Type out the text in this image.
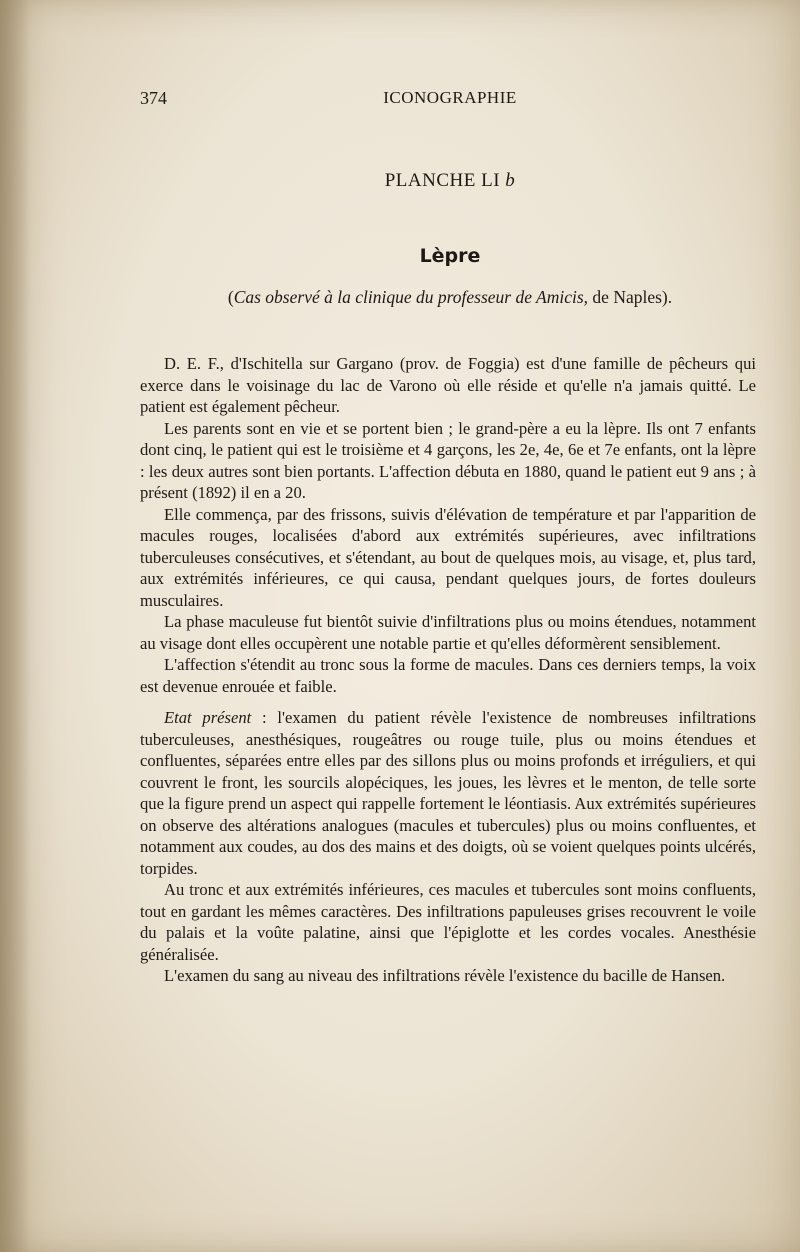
374	ICONOGRAPHIE
PLANCHE LI b
Lèpre
(Cas observé à la clinique du professeur de Amicis, de Naples).

D. E. F., d'Ischitella sur Gargano (prov. de Foggia) est d'une famille de pêcheurs qui exerce dans le voisinage du lac de Varono où elle réside et qu'elle n'a jamais quitté. Le patient est également pêcheur.

Les parents sont en vie et se portent bien ; le grand-père a eu la lèpre. Ils ont 7 enfants dont cinq, le patient qui est le troisième et 4 garçons, les 2e, 4e, 6e et 7e enfants, ont la lèpre : les deux autres sont bien portants. L'affection débuta en 1880, quand le patient eut 9 ans ; à présent (1892) il en a 20.

Elle commença, par des frissons, suivis d'élévation de température et par l'apparition de macules rouges, localisées d'abord aux extrémités supérieures, avec infiltrations tuberculeuses consécutives, et s'étendant, au bout de quelques mois, au visage, et, plus tard, aux extrémités inférieures, ce qui causa, pendant quelques jours, de fortes douleurs musculaires.

La phase maculeuse fut bientôt suivie d'infiltrations plus ou moins étendues, notamment au visage dont elles occupèrent une notable partie et qu'elles déformèrent sensiblement.

L'affection s'étendit au tronc sous la forme de macules. Dans ces derniers temps, la voix est devenue enrouée et faible.

Etat présent : l'examen du patient révèle l'existence de nombreuses infiltrations tuberculeuses, anesthésiques, rougeâtres ou rouge tuile, plus ou moins étendues et confluentes, séparées entre elles par des sillons plus ou moins profonds et irréguliers, et qui couvrent le front, les sourcils alopéciques, les joues, les lèvres et le menton, de telle sorte que la figure prend un aspect qui rappelle fortement le léontiasis. Aux extrémités supérieures on observe des altérations analogues (macules et tubercules) plus ou moins confluentes, et notamment aux coudes, au dos des mains et des doigts, où se voient quelques points ulcérés, torpides.

Au tronc et aux extrémités inférieures, ces macules et tubercules sont moins confluents, tout en gardant les mêmes caractères. Des infiltrations papuleuses grises recouvrent le voile du palais et la voûte palatine, ainsi que l'épiglotte et les cordes vocales. Anesthésie généralisée.

L'examen du sang au niveau des infiltrations révèle l'existence du bacille de Hansen.
